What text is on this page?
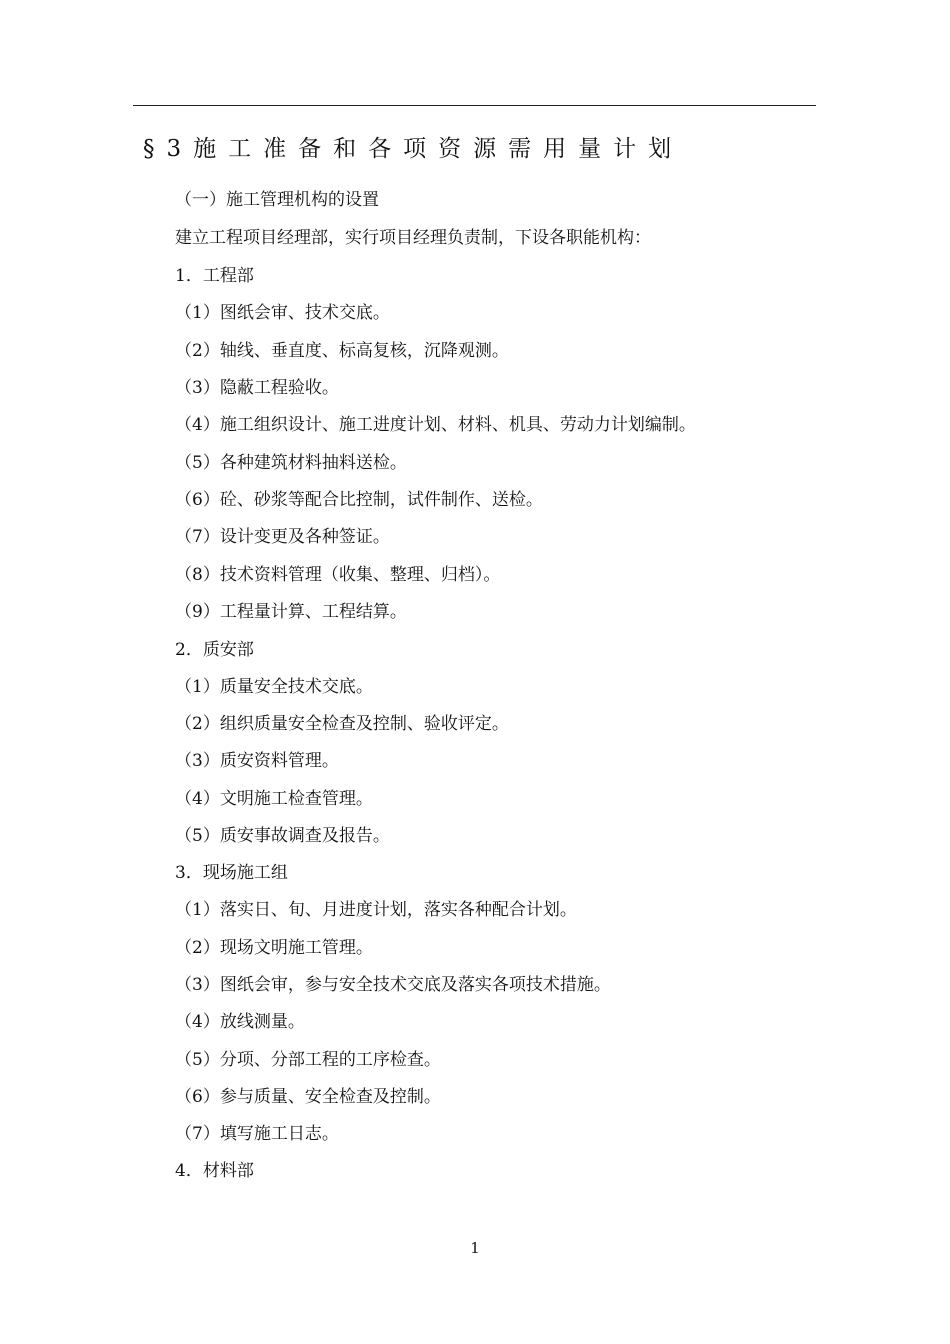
§3施工准备和各项资源需用量计划
（一）施工管理机构的设置
建立工程项目经理部，实行项目经理负责制，下设各职能机构：
1．工程部
（1）图纸会审、技术交底。
（2）轴线、垂直度、标高复核，沉降观测。
（3）隐蔽工程验收。
（4）施工组织设计、施工进度计划、材料、机具、劳动力计划编制。
（5）各种建筑材料抽料送检。
（6）砼、砂浆等配合比控制，试件制作、送检。
（7）设计变更及各种签证。
（8）技术资料管理（收集、整理、归档）。
（9）工程量计算、工程结算。
2．质安部
（1）质量安全技术交底。
（2）组织质量安全检查及控制、验收评定。
（3）质安资料管理。
（4）文明施工检查管理。
（5）质安事故调查及报告。
3．现场施工组
（1）落实日、旬、月进度计划，落实各种配合计划。
（2）现场文明施工管理。
（3）图纸会审，参与安全技术交底及落实各项技术措施。
（4）放线测量。
（5）分项、分部工程的工序检查。
（6）参与质量、安全检查及控制。
（7）填写施工日志。
4．材料部
1
